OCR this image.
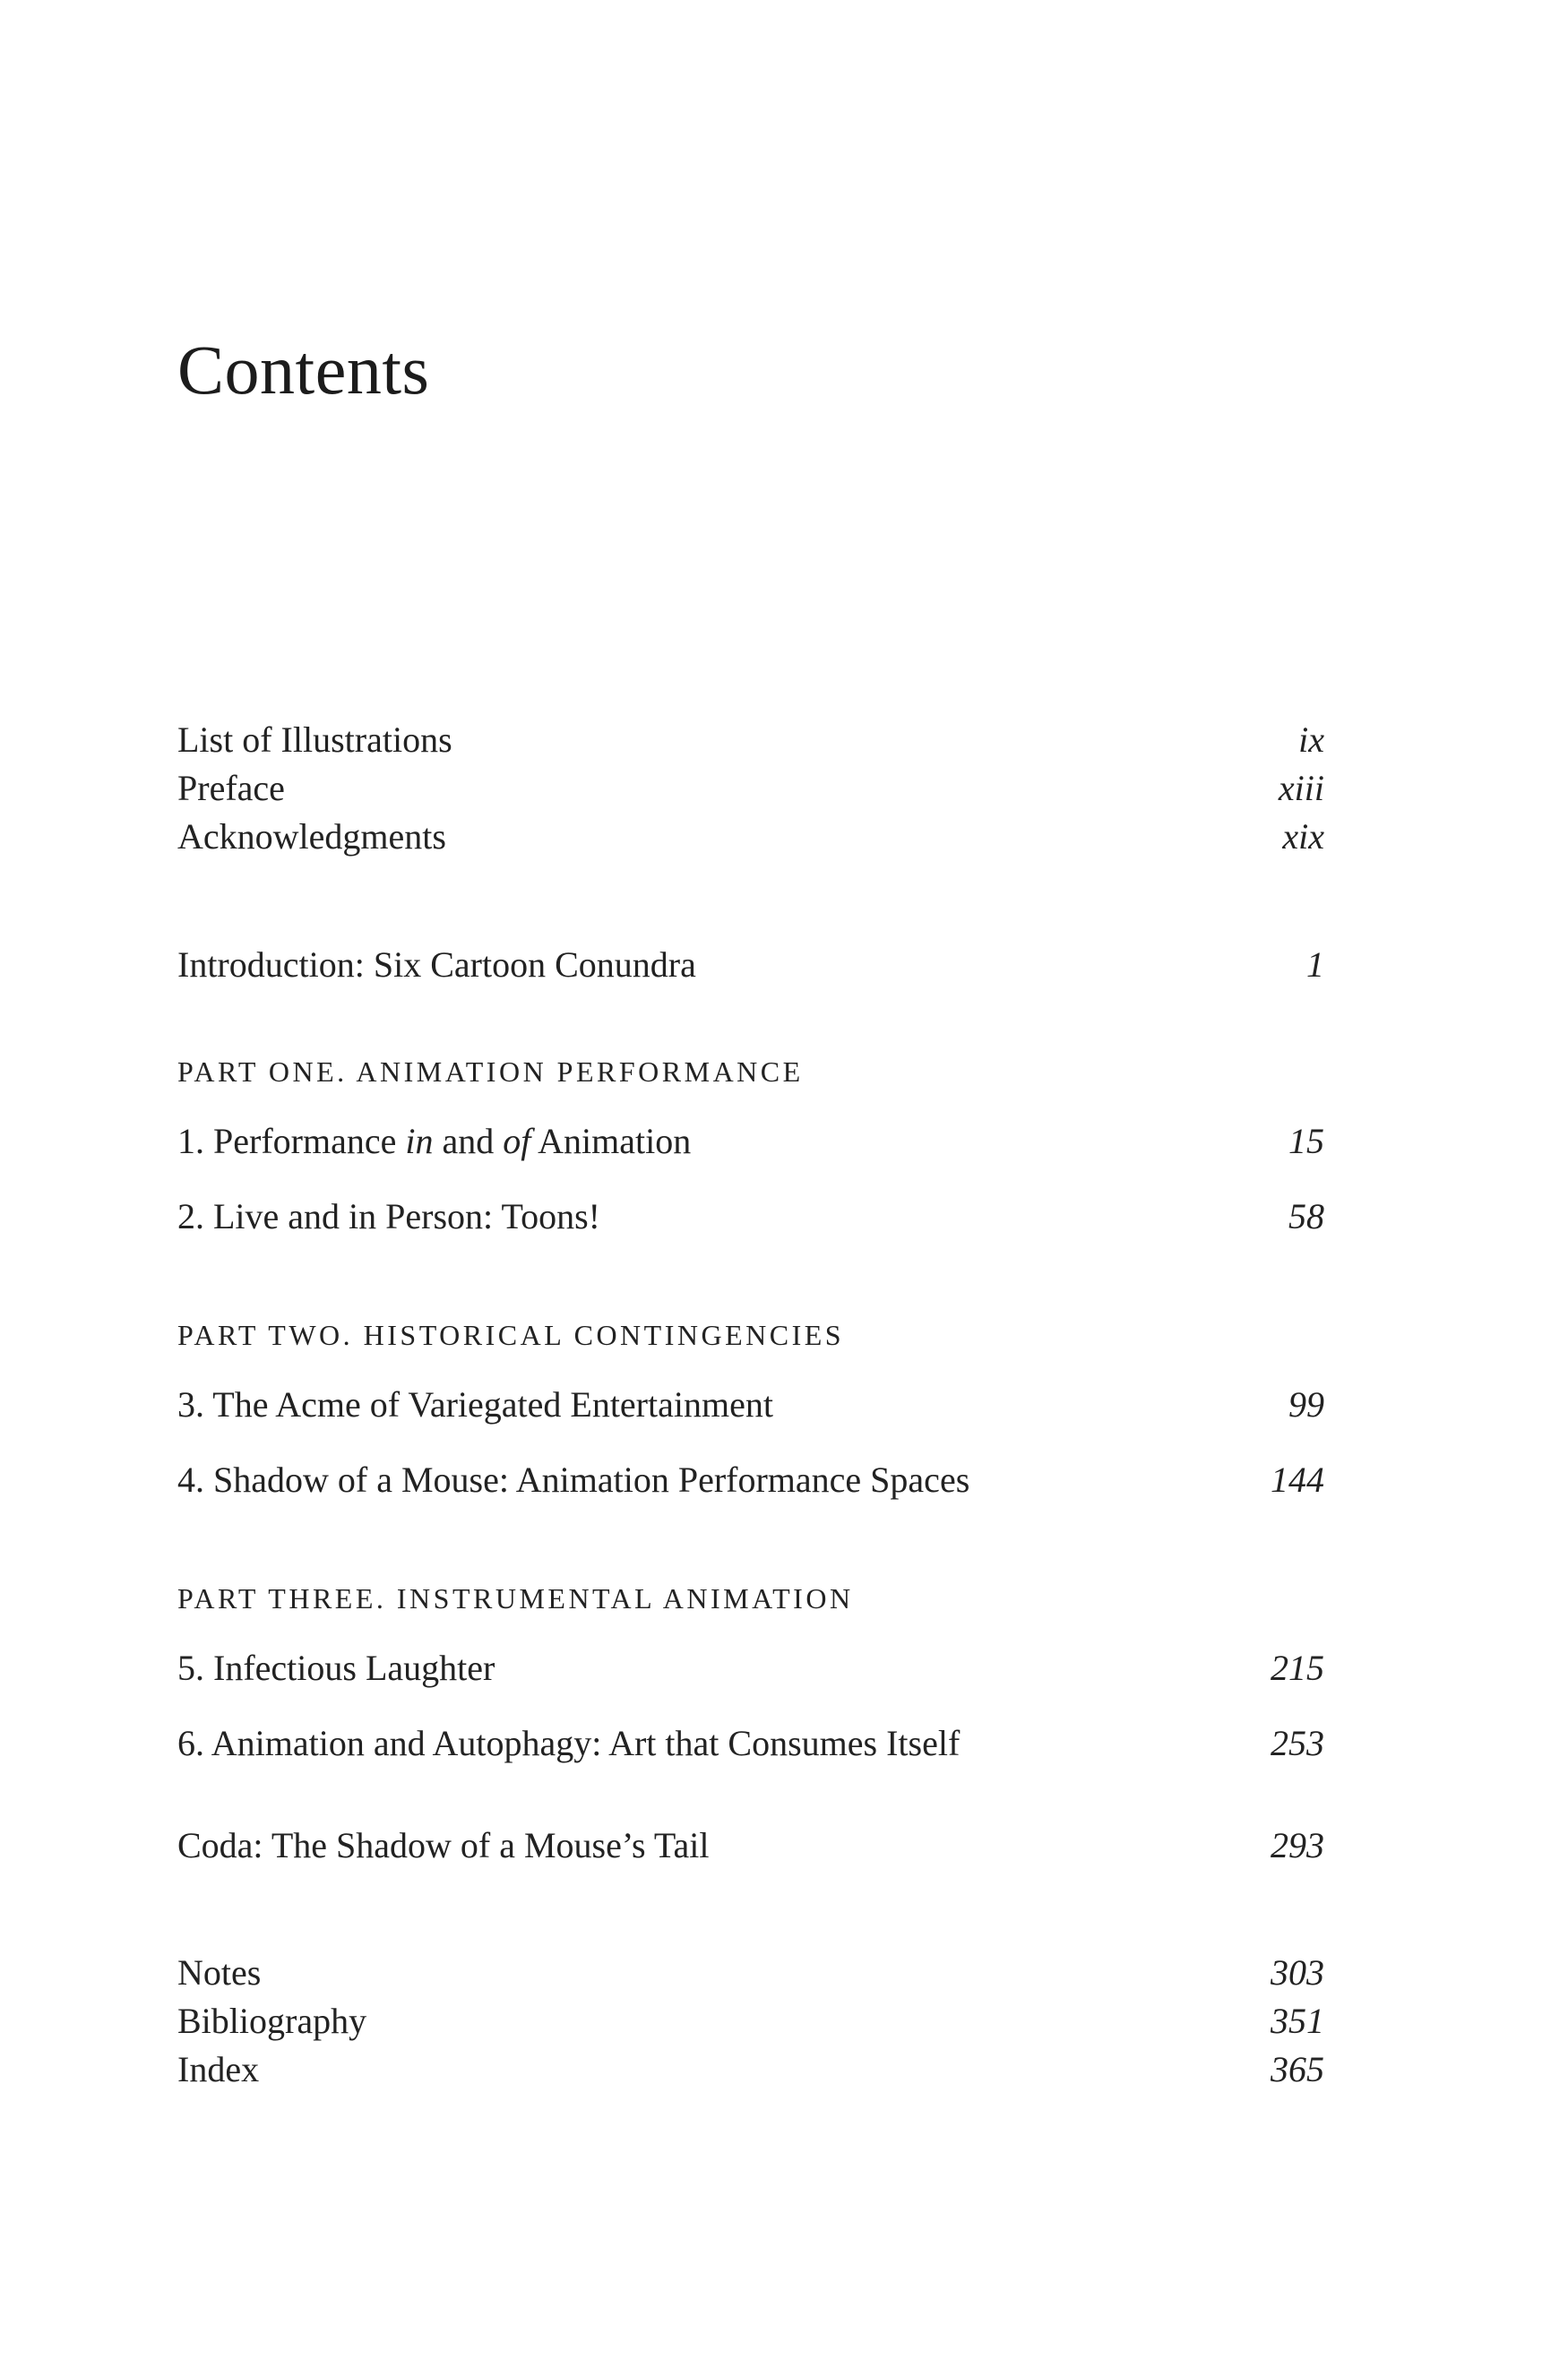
Contents
List of Illustrations	ix
Preface	xiii
Acknowledgments	xix
Introduction: Six Cartoon Conundra	1
PART ONE. ANIMATION PERFORMANCE
1. Performance in and of Animation	15
2. Live and in Person: Toons!	58
PART TWO. HISTORICAL CONTINGENCIES
3. The Acme of Variegated Entertainment	99
4. Shadow of a Mouse: Animation Performance Spaces	144
PART THREE. INSTRUMENTAL ANIMATION
5. Infectious Laughter	215
6. Animation and Autophagy: Art that Consumes Itself	253
Coda: The Shadow of a Mouse’s Tail	293
Notes	303
Bibliography	351
Index	365
